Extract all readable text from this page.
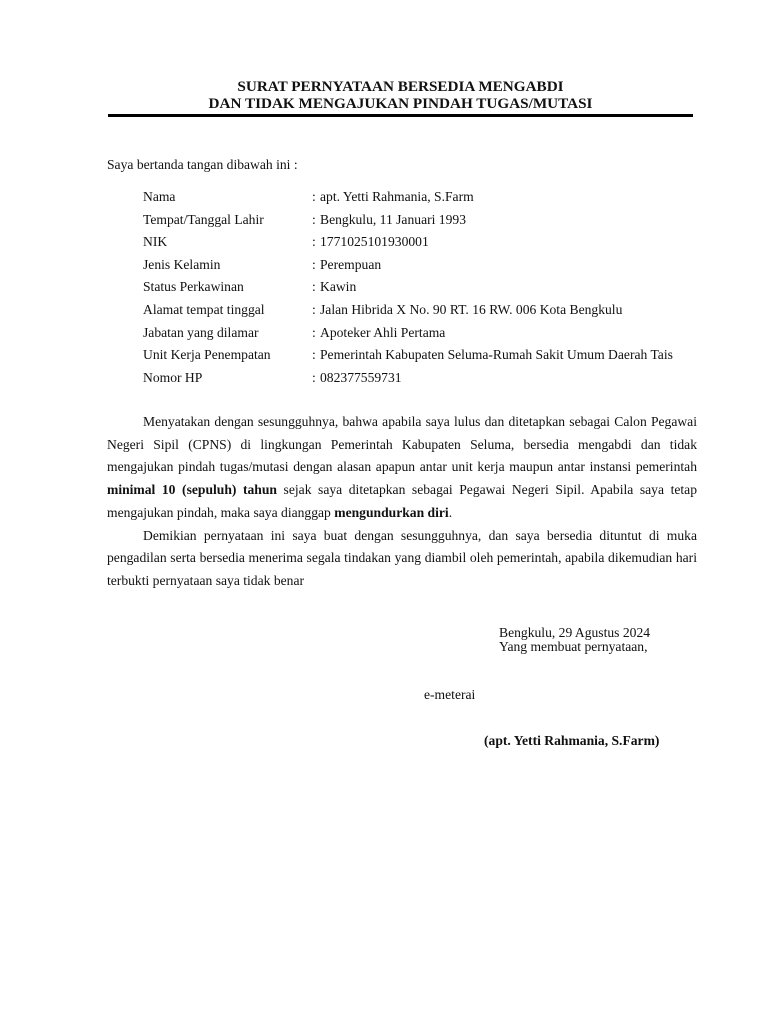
SURAT PERNYATAAN BERSEDIA MENGABDI
DAN TIDAK MENGAJUKAN PINDAH TUGAS/MUTASI
Saya bertanda tangan dibawah ini :
Nama	: apt. Yetti Rahmania, S.Farm
Tempat/Tanggal Lahir	: Bengkulu, 11 Januari 1993
NIK	: 1771025101930001
Jenis Kelamin	: Perempuan
Status Perkawinan	: Kawin
Alamat tempat tinggal	: Jalan Hibrida X No. 90 RT. 16 RW. 006 Kota Bengkulu
Jabatan yang dilamar	: Apoteker Ahli Pertama
Unit Kerja Penempatan	: Pemerintah Kabupaten Seluma-Rumah Sakit Umum Daerah Tais
Nomor HP	: 082377559731

Menyatakan dengan sesungguhnya, bahwa apabila saya lulus dan ditetapkan sebagai Calon Pegawai Negeri Sipil (CPNS) di lingkungan Pemerintah Kabupaten Seluma, bersedia mengabdi dan tidak mengajukan pindah tugas/mutasi dengan alasan apapun antar unit kerja maupun antar instansi pemerintah minimal 10 (sepuluh) tahun sejak saya ditetapkan sebagai Pegawai Negeri Sipil. Apabila saya tetap mengajukan pindah, maka saya dianggap mengundurkan diri.

Demikian pernyataan ini saya buat dengan sesungguhnya, dan saya bersedia dituntut di muka pengadilan serta bersedia menerima segala tindakan yang diambil oleh pemerintah, apabila dikemudian hari terbukti pernyataan saya tidak benar

Bengkulu, 29 Agustus 2024
Yang membuat pernyataan,
e-meterai
(apt. Yetti Rahmania, S.Farm)
